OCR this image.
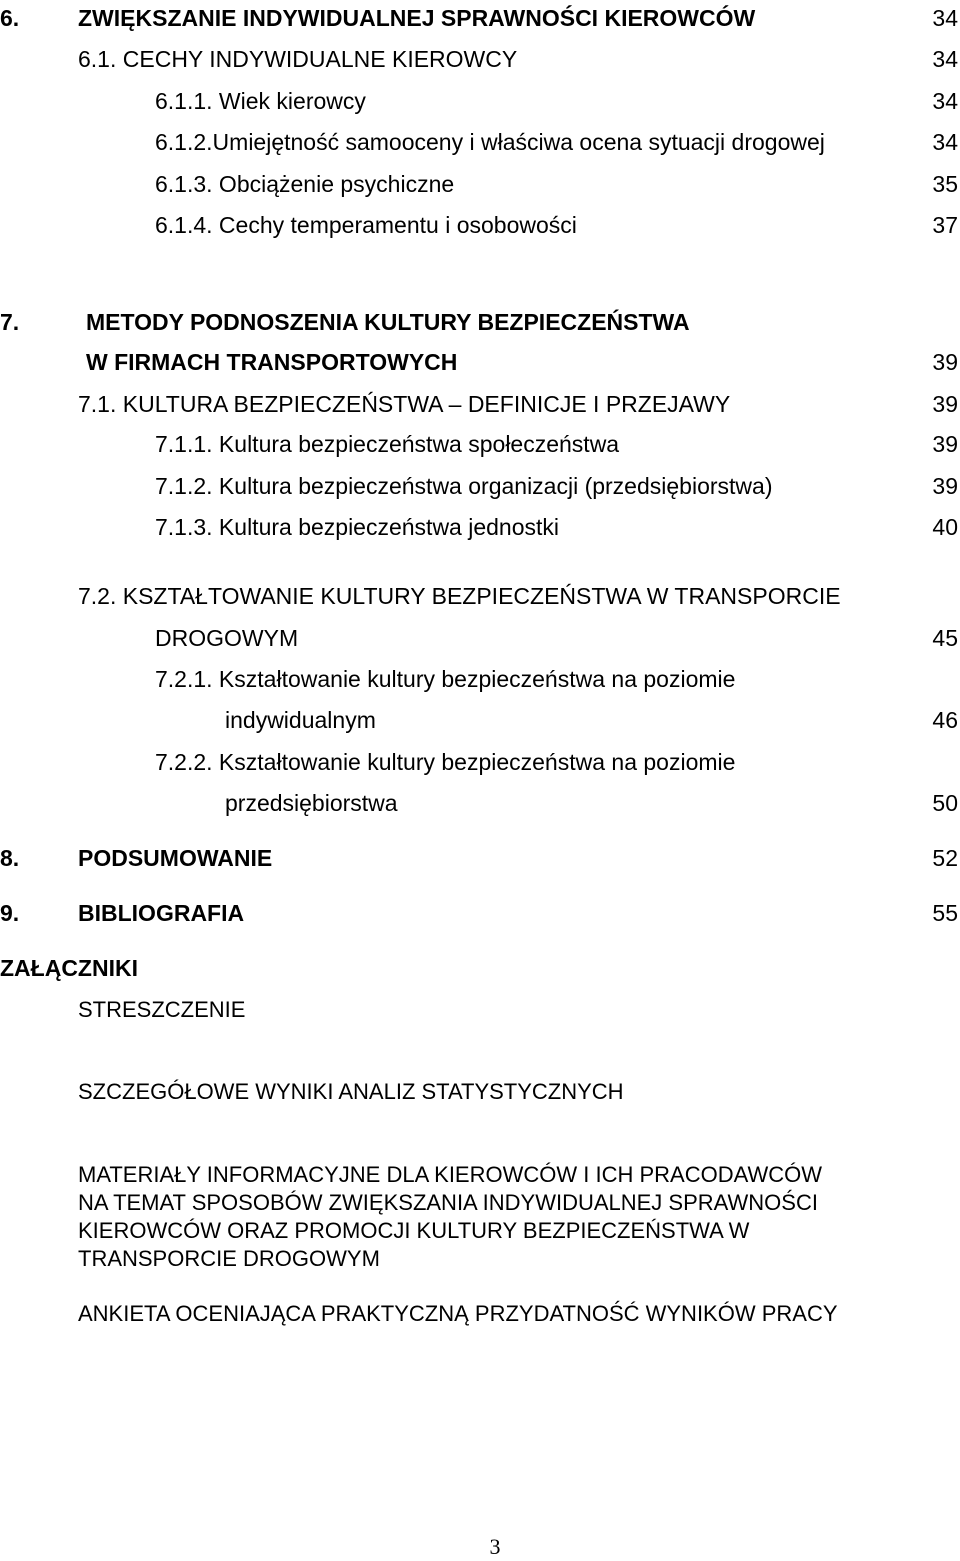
6.	ZWIĘKSZANIE INDYWIDUALNEJ SPRAWNOŚCI KIEROWCÓW	34
6.1. CECHY INDYWIDUALNE KIEROWCY	34
6.1.1. Wiek kierowcy	34
6.1.2.Umiejętność samooceny i właściwa ocena sytuacji drogowej	34
6.1.3. Obciążenie psychiczne	35
6.1.4. Cechy temperamentu i osobowości	37
7.	METODY PODNOSZENIA KULTURY BEZPIECZEŃSTWA
W FIRMACH TRANSPORTOWYCH	39
7.1. KULTURA BEZPIECZEŃSTWA – DEFINICJE I PRZEJAWY	39
7.1.1. Kultura bezpieczeństwa społeczeństwa	39
7.1.2. Kultura bezpieczeństwa organizacji (przedsiębiorstwa)	39
7.1.3. Kultura bezpieczeństwa jednostki	40
7.2. KSZTAŁTOWANIE KULTURY BEZPIECZEŃSTWA W TRANSPORCIE
DROGOWYM	45
7.2.1. Kształtowanie kultury bezpieczeństwa na poziomie
indywidualnym	46
7.2.2. Kształtowanie kultury bezpieczeństwa na poziomie
przedsiębiorstwa	50
8.	PODSUMOWANIE	52
9.	BIBLIOGRAFIA	55
ZAŁĄCZNIKI
STRESZCZENIE
SZCZEGÓŁOWE WYNIKI ANALIZ STATYSTYCZNYCH
MATERIAŁY INFORMACYJNE DLA KIEROWCÓW I ICH PRACODAWCÓW
NA TEMAT SPOSOBÓW ZWIĘKSZANIA INDYWIDUALNEJ SPRAWNOŚCI
KIEROWCÓW ORAZ PROMOCJI KULTURY BEZPIECZEŃSTWA W
TRANSPORCIE DROGOWYM
ANKIETA OCENIAJĄCA PRAKTYCZNĄ PRZYDATNOŚĆ WYNIKÓW PRACY
3
